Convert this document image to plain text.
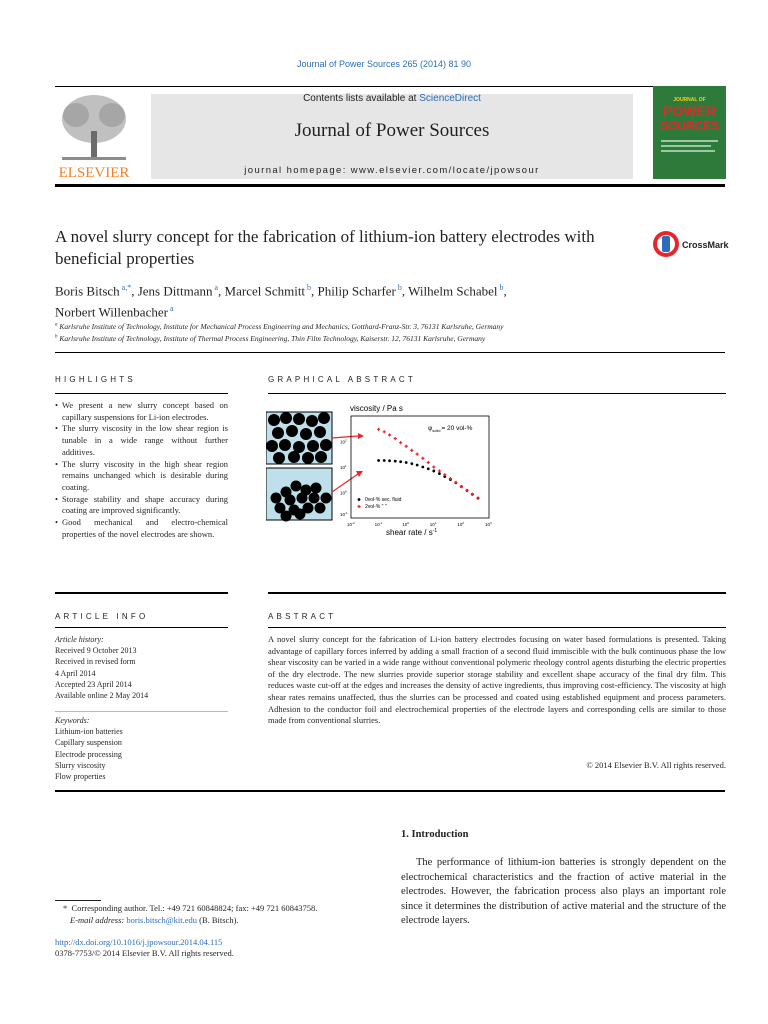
Journal of Power Sources 265 (2014) 81 90
ELSEVIER
Contents lists available at ScienceDirect
Journal of Power Sources
journal homepage: www.elsevier.com/locate/jpowsour
JOURNAL OF
POWER
SOURCES
A novel slurry concept for the fabrication of lithium-ion battery electrodes with beneficial properties
CrossMark
Boris Bitsch $^{a,*}$, Jens Dittmann $^a$, Marcel Schmitt $^b$, Philip Scharfer $^b$, Wilhelm Schabel $^b$,
Norbert Willenbacher $^a$
$^a$ Karlsruhe Institute of Technology, Institute for Mechanical Process Engineering and Mechanics, Gotthard-Franz-Str. 3, 76131 Karlsruhe, Germany
$^b$ Karlsruhe Institute of Technology, Institute of Thermal Process Engineering, Thin Film Technology, Kaiserstr. 12, 76131 Karlsruhe, Germany
HIGHLIGHTS
• We present a new slurry concept based on capillary suspensions for Li-ion electrodes.
• The slurry viscosity in the low shear region is tunable in a wide range without further additives.
• The slurry viscosity in the high shear region remains unchanged which is desirable during coating.
• Storage stability and shape accuracy during coating are improved significantly.
• Good mechanical and electro-chemical properties of the novel electrodes are shown.
GRAPHICAL ABSTRACT
viscosity / Pa s
shear rate / $s^{-1}$
$\varphi_{solid}= 20$ vol-%
$10^2$
$10^1$
$10^0$
$10^{-1}$
$10^{-2}$	$10^{-1}$	$10^0$	$10^1$	$10^2$	$10^3$
0vol-% sec. fluid
2vol-% " "
ARTICLE INFO
Article history:
Received 9 October 2013
Received in revised form
4 April 2014
Accepted 23 April 2014
Available online 2 May 2014
Keywords:
Lithium-ion batteries
Capillary suspension
Electrode processing
Slurry viscosity
Flow properties
ABSTRACT
A novel slurry concept for the fabrication of Li-ion battery electrodes focusing on water based formulations is presented. Taking advantage of capillary forces inferred by adding a small fraction of a second fluid immiscible with the bulk continuous phase the low shear viscosity can be varied in a wide range without conventional polymeric rheology control agents disturbing the electric properties of the dry electrode. The new slurries provide superior storage stability and excellent shape accuracy of the final dry film. This reduces waste cut-off at the edges and increases the density of active ingredients, thus improving cost-efficiency. The viscosity at high shear rates remains unaffected, thus the slurries can be processed and coated using established equipment and process parameters. Adhesion to the conductor foil and electrochemical properties of the electrode layers and corresponding cells are similar to those made from conventional slurries.
© 2014 Elsevier B.V. All rights reserved.
1. Introduction
The performance of lithium-ion batteries is strongly dependent on the electrochemical characteristics and the fraction of active material in the electrodes. However, the fabrication process also plays an important role since it determines the distribution of active material and the structure of the electrode layers.
* Corresponding author. Tel.: +49 721 60848824; fax: +49 721 60843758.
E-mail address: boris.bitsch@kit.edu (B. Bitsch).
http://dx.doi.org/10.1016/j.jpowsour.2014.04.115
0378-7753/© 2014 Elsevier B.V. All rights reserved.
